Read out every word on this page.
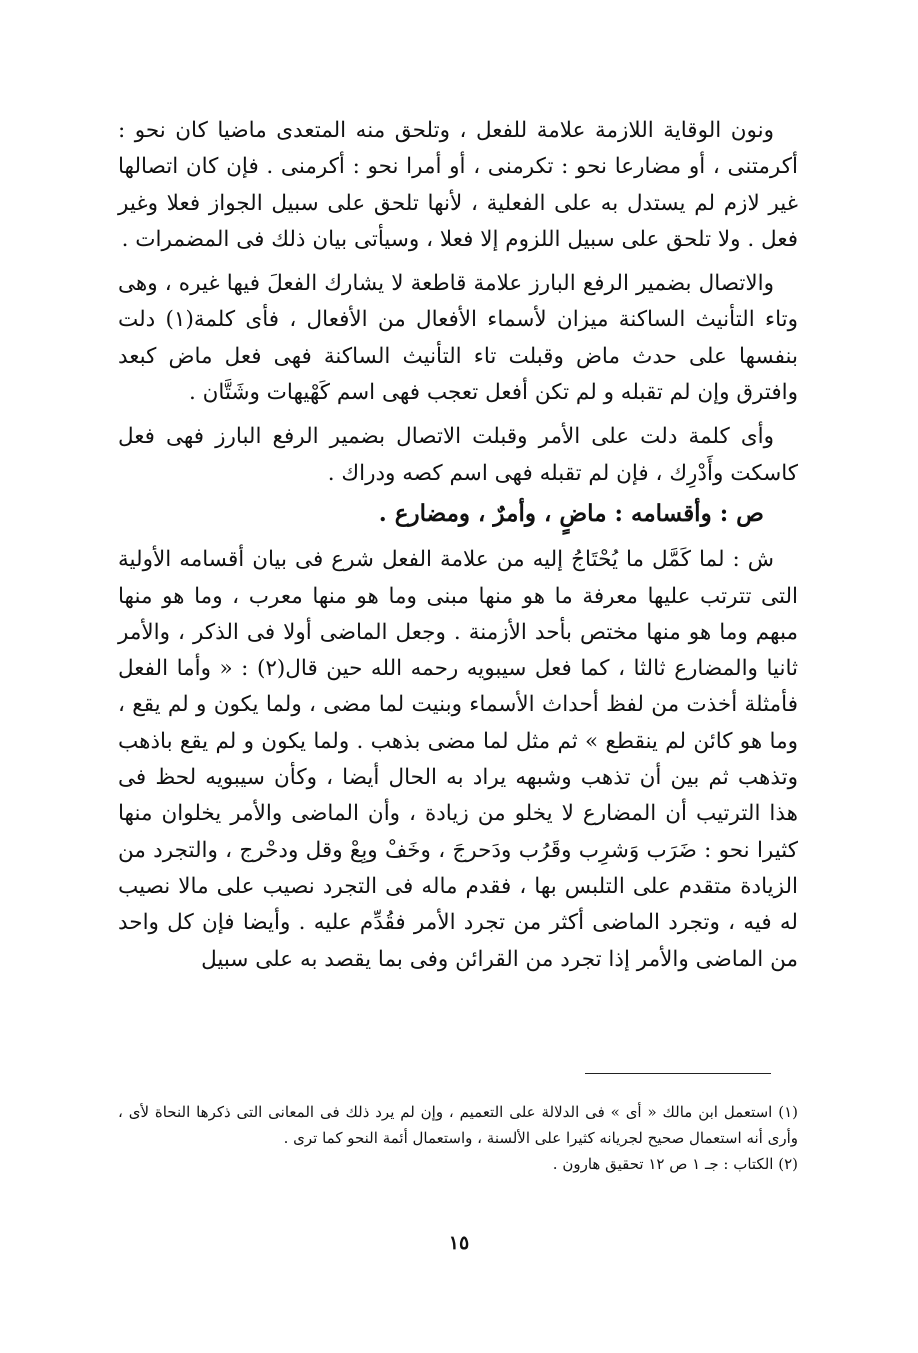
ونون الوقاية اللازمة علامة للفعل ، وتلحق منه المتعدى ماضيا كان نحو : أكرمتنى ، أو مضارعا نحو : تكرمنى ، أو أمرا نحو : أكرمنى . فإن كان اتصالها غير لازم لم يستدل به على الفعلية ، لأنها تلحق على سبيل الجواز فعلا وغير فعل . ولا تلحق على سبيل اللزوم إلا فعلا ، وسيأتى بيان ذلك فى المضمرات .

والاتصال بضمير الرفع البارز علامة قاطعة لا يشارك الفعلَ فيها غيره ، وهى وتاء التأنيث الساكنة ميزان لأسماء الأفعال من الأفعال ، فأى كلمة(١) دلت بنفسها على حدث ماض وقبلت تاء التأنيث الساكنة فهى فعل ماض كبعد وافترق وإن لم تقبله و لم تكن أفعل تعجب فهى اسم كَهْيهات وشَتَّان .

وأى كلمة دلت على الأمر وقبلت الاتصال بضمير الرفع البارز فهى فعل كاسكت وأَدْرِك ، فإن لم تقبله فهى اسم كصه ودراك .

ص : وأقسامه : ماضٍ ، وأمرٌ ، ومضارع .

ش : لما كَمَّل ما يُحْتَاجُ إليه من علامة الفعل شرع فى بيان أقسامه الأولية التى تترتب عليها معرفة ما هو منها مبنى وما هو منها معرب ، وما هو منها مبهم وما هو منها مختص بأحد الأزمنة . وجعل الماضى أولا فى الذكر ، والأمر ثانيا والمضارع ثالثا ، كما فعل سيبويه رحمه الله حين قال(٢) : « وأما الفعل فأمثلة أخذت من لفظ أحداث الأسماء وبنيت لما مضى ، ولما يكون و لم يقع ، وما هو كائن لم ينقطع » ثم مثل لما مضى بذهب . ولما يكون و لم يقع باذهب وتذهب ثم بين أن تذهب وشبهه يراد به الحال أيضا ، وكأن سيبويه لحظ فى هذا الترتيب أن المضارع لا يخلو من زيادة ، وأن الماضى والأمر يخلوان منها كثيرا نحو : ضَرَب وَشرِب وقَرُب ودَحرجَ ، وخَفْ وبِعْ وقل ودحْرج ، والتجرد من الزيادة متقدم على التلبس بها ، فقدم ماله فى التجرد نصيب على مالا نصيب له فيه ، وتجرد الماضى أكثر من تجرد الأمر فقُدِّم عليه . وأيضا فإن كل واحد من الماضى والأمر إذا تجرد من القرائن وفى بما يقصد به على سبيل

(١) استعمل ابن مالك « أى » فى الدلالة على التعميم ، وإن لم يرد ذلك فى المعانى التى ذكرها النحاة لأى ، وأرى أنه استعمال صحيح لجريانه كثيرا على الألسنة ، واستعمال أئمة النحو كما ترى .

(٢) الكتاب : جـ ١ ص ١٢ تحقيق هارون .

١٥
